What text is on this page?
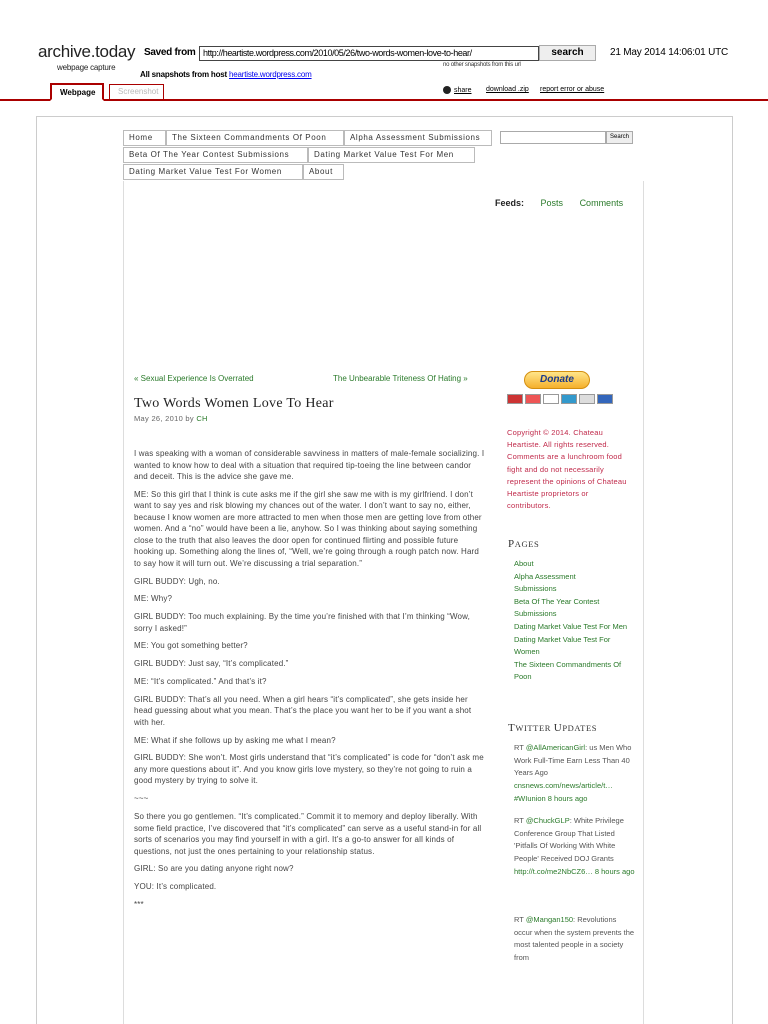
archive.today
webpage capture
Saved from http://heartiste.wordpress.com/2010/05/26/two-words-women-love-to-hear/	search	21 May 2014 14:06:01 UTC
no other snapshots from this url
All snapshots from host heartiste.wordpress.com
Webpage	Screenshot	share download .zip report error or abuse
Home	The Sixteen Commandments Of Poon	Alpha Assessment Submissions
Beta Of The Year Contest Submissions	Dating Market Value Test For Men
Dating Market Value Test For Women	About
Search
Feeds: Posts Comments
« Sexual Experience Is Overrated	The Unbearable Triteness Of Hating »
Two Words Women Love To Hear
May 26, 2010 by CH

I was speaking with a woman of considerable savviness in matters of male-female socializing. I wanted to know how to deal with a situation that required tip-toeing the line between candor and deceit. This is the advice she gave me.

ME: So this girl that I think is cute asks me if the girl she saw me with is my girlfriend. I don’t want to say yes and risk blowing my chances out of the water. I don’t want to say no, either, because I know women are more attracted to men when those men are getting love from other women. And a “no” would have been a lie, anyhow. So I was thinking about saying something close to the truth that also leaves the door open for continued flirting and possible future hooking up. Something along the lines of, “Well, we’re going through a rough patch now. Hard to say how it will turn out. We’re discussing a trial separation.”

GIRL BUDDY: Ugh, no.

ME: Why?

GIRL BUDDY: Too much explaining. By the time you’re finished with that I’m thinking “Wow, sorry I asked!”

ME: You got something better?

GIRL BUDDY: Just say, “It’s complicated.”

ME: “It’s complicated.” And that’s it?

GIRL BUDDY: That’s all you need. When a girl hears “it’s complicated”, she gets inside her head guessing about what you mean. That’s the place you want her to be if you want a shot with her.

ME: What if she follows up by asking me what I mean?

GIRL BUDDY: She won’t. Most girls understand that “it’s complicated” is code for “don’t ask me any more questions about it”. And you know girls love mystery, so they’re not going to ruin a good mystery by trying to solve it.

~~~

So there you go gentlemen. “It’s complicated.” Commit it to memory and deploy liberally. With some field practice, I’ve discovered that “it’s complicated” can serve as a useful stand-in for all sorts of scenarios you may find yourself in with a girl. It’s a go-to answer for all kinds of questions, not just the ones pertaining to your relationship status.

GIRL: So are you dating anyone right now?

YOU: It’s complicated.

***

Donate
Copyright © 2014. Chateau Heartiste. All rights reserved. Comments are a lunchroom food fight and do not necessarily represent the opinions of Chateau Heartiste proprietors or contributors.
PAGES
About
Alpha Assessment Submissions
Beta Of The Year Contest Submissions
Dating Market Value Test For Men
Dating Market Value Test For Women
The Sixteen Commandments Of Poon
TWITTER UPDATES
RT @AllAmericanGirl: us Men Who Work Full-Time Earn Less Than 40 Years Ago cnsnews.com/news/article/t… #WIunion 8 hours ago
RT @ChuckGLP: White Privilege Conference Group That Listed 'Pitfalls Of Working With White People' Received DOJ Grants http://t.co/me2NbCZ6… 8 hours ago
RT @Mangan150: Revolutions occur when the system prevents the most talented people in a society from
